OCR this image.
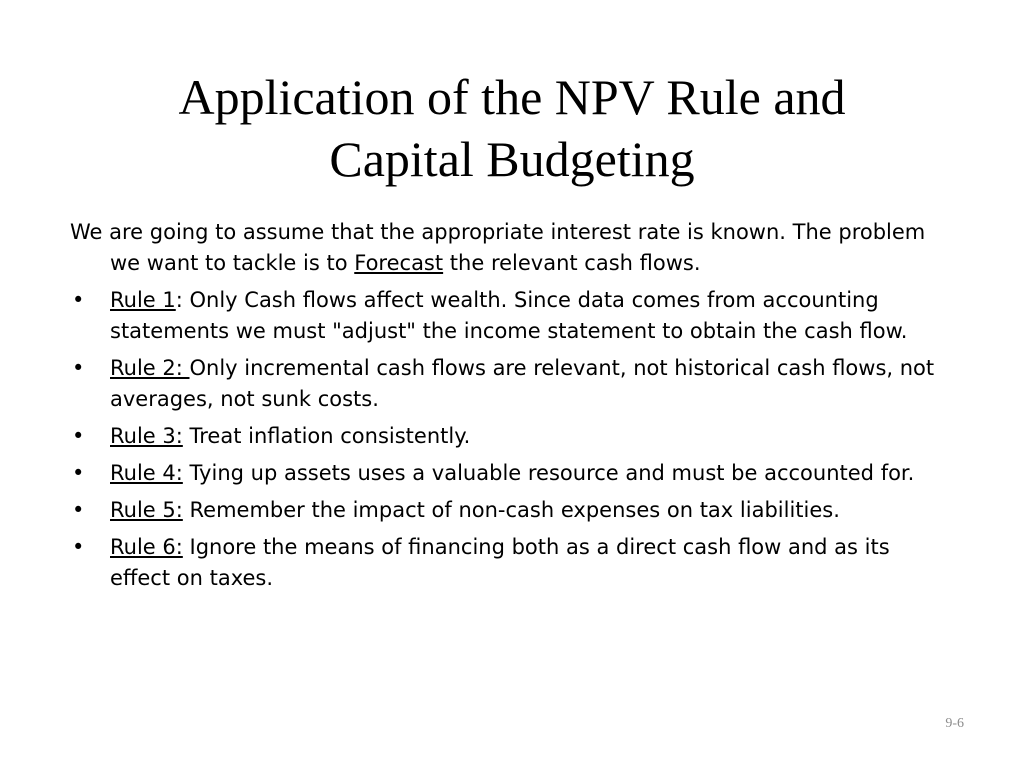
Application of the NPV Rule and
Capital Budgeting

We are going to assume that the appropriate interest rate is known. The problem we want to tackle is to Forecast the relevant cash flows.

• Rule 1: Only Cash flows affect wealth. Since data comes from accounting statements we must "adjust" the income statement to obtain the cash flow.
• Rule 2: Only incremental cash flows are relevant, not historical cash flows, not averages, not sunk costs.
• Rule 3: Treat inflation consistently.
• Rule 4: Tying up assets uses a valuable resource and must be accounted for.
• Rule 5: Remember the impact of non-cash expenses on tax liabilities.
• Rule 6: Ignore the means of financing both as a direct cash flow and as its effect on taxes.
9-6
